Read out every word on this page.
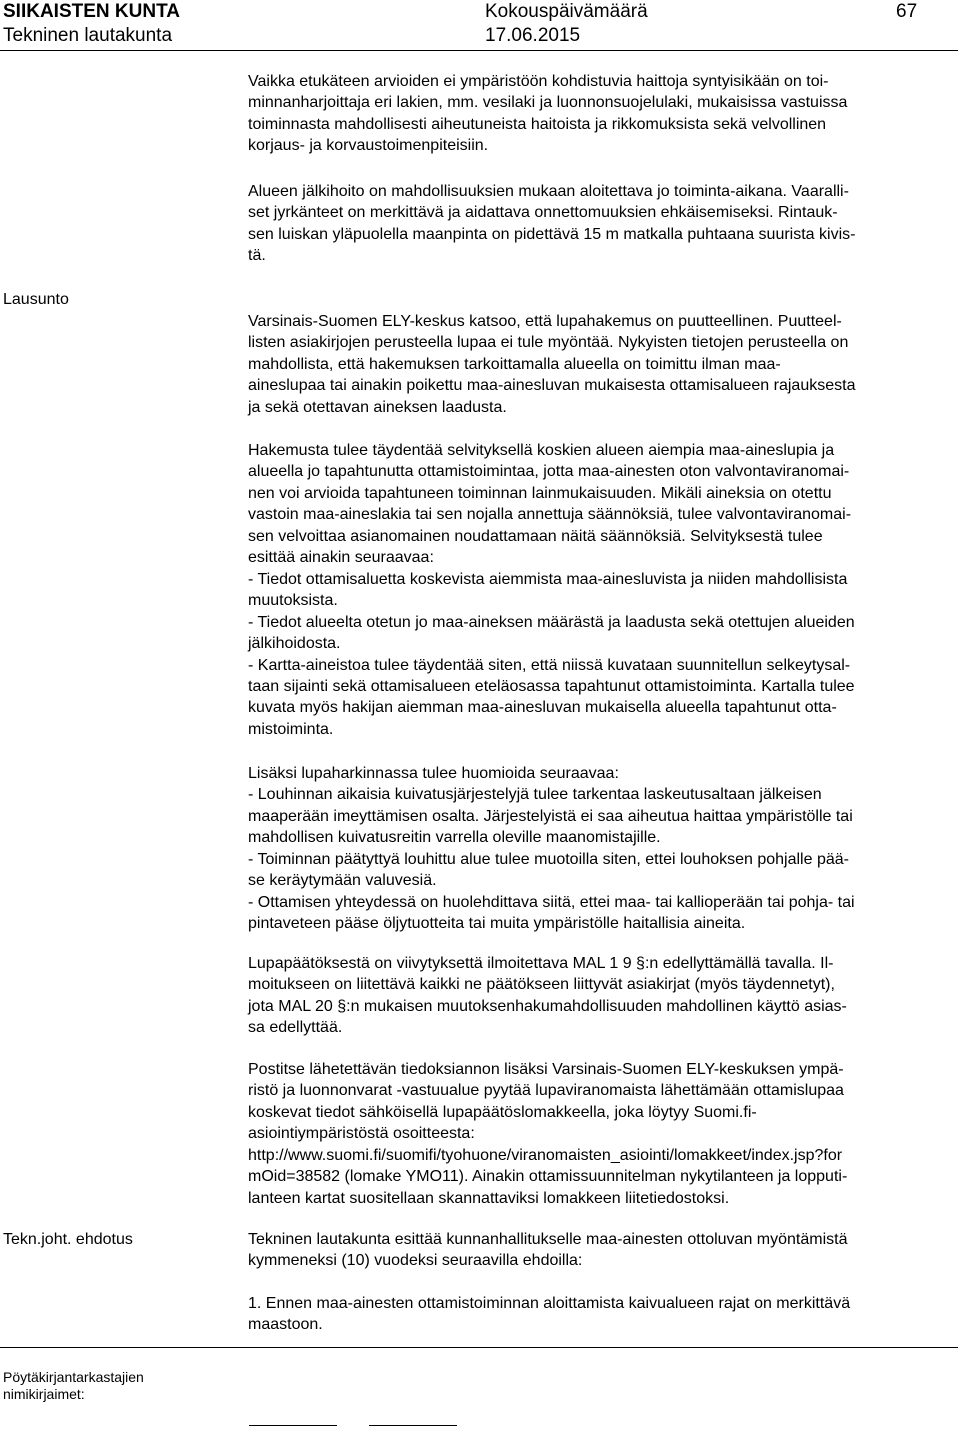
SIIKAISTEN KUNTA	Kokouspäivämäärä	67
Tekninen lautakunta	17.06.2015
Vaikka etukäteen arvioiden ei ympäristöön kohdistuvia haittoja syntyisikään on toi-
minnanharjoittaja eri lakien, mm. vesilaki ja luonnonsuojelulaki, mukaisissa vastuissa
toiminnasta mahdollisesti aiheutuneista haitoista ja rikkomuksista sekä velvollinen
korjaus- ja korvaustoimenpiteisiin.
Alueen jälkihoito on mahdollisuuksien mukaan aloitettava jo toiminta-aikana. Vaaralli-
set jyrkänteet on merkittävä ja aidattava onnettomuuksien ehkäisemiseksi. Rintauk-
sen luiskan yläpuolella maanpinta on pidettävä 15 m matkalla puhtaana suurista kivis-
tä.
Lausunto
Varsinais-Suomen ELY-keskus katsoo, että lupahakemus on puutteellinen. Puutteel-
listen asiakirjojen perusteella lupaa ei tule myöntää. Nykyisten tietojen perusteella on
mahdollista, että hakemuksen tarkoittamalla alueella on toimittu ilman maa-
aineslupaa tai ainakin poikettu maa-ainesluvan mukaisesta ottamisalueen rajauksesta
ja sekä otettavan aineksen laadusta.
Hakemusta tulee täydentää selvityksellä koskien alueen aiempia maa-aineslupia ja
alueella jo tapahtunutta ottamistoimintaa, jotta maa-ainesten oton valvontaviranomai-
nen voi arvioida tapahtuneen toiminnan lainmukaisuuden. Mikäli aineksia on otettu
vastoin maa-aineslakia tai sen nojalla annettuja säännöksiä, tulee valvontaviranomai-
sen velvoittaa asianomainen noudattamaan näitä säännöksiä. Selvityksestä tulee
esittää ainakin seuraavaa:
- Tiedot ottamisaluetta koskevista aiemmista maa-ainesluvista ja niiden mahdollisista
muutoksista.
- Tiedot alueelta otetun jo maa-aineksen määrästä ja laadusta sekä otettujen alueiden
jälkihoidosta.
- Kartta-aineistoa tulee täydentää siten, että niissä kuvataan suunnitellun selkeytysal-
taan sijainti sekä ottamisalueen eteläosassa tapahtunut ottamistoiminta. Kartalla tulee
kuvata myös hakijan aiemman maa-ainesluvan mukaisella alueella tapahtunut otta-
mistoiminta.
Lisäksi lupaharkinnassa tulee huomioida seuraavaa:
- Louhinnan aikaisia kuivatusjärjestelyjä tulee tarkentaa laskeutusaltaan jälkeisen
maaperään imeyttämisen osalta. Järjestelyistä ei saa aiheutua haittaa ympäristölle tai
mahdollisen kuivatusreitin varrella oleville maanomistajille.
- Toiminnan päätyttyä louhittu alue tulee muotoilla siten, ettei louhoksen pohjalle pää-
se keräytymään valuvesiä.
- Ottamisen yhteydessä on huolehdittava siitä, ettei maa- tai kallioperään tai pohja- tai
pintaveteen pääse öljytuotteita tai muita ympäristölle haitallisia aineita.
Lupapäätöksestä on viivytyksettä ilmoitettava MAL 1 9 §:n edellyttämällä tavalla. Il-
moitukseen on liitettävä kaikki ne päätökseen liittyvät asiakirjat (myös täydennetyt),
jota MAL 20 §:n mukaisen muutoksenhakumahdollisuuden mahdollinen käyttö asias-
sa edellyttää.
Postitse lähetettävän tiedoksiannon lisäksi Varsinais-Suomen ELY-keskuksen ympä-
ristö ja luonnonvarat -vastuualue pyytää lupaviranomaista lähettämään ottamislupaa
koskevat tiedot sähköisellä lupapäätöslomakkeella, joka löytyy Suomi.fi-
asiointiympäristöstä osoitteesta:
http://www.suomi.fi/suomifi/tyohuone/viranomaisten_asiointi/lomakkeet/index.jsp?for
mOid=38582 (lomake YMO11). Ainakin ottamissuunnitelman nykytilanteen ja lopputi-
lanteen kartat suositellaan skannattaviksi lomakkeen liitetiedostoksi.
Tekn.joht. ehdotus	Tekninen lautakunta esittää kunnanhallitukselle maa-ainesten ottoluvan myöntämistä
kymmeneksi (10) vuodeksi seuraavilla ehdoilla:
1. Ennen maa-ainesten ottamistoiminnan aloittamista kaivualueen rajat on merkittävä
maastoon.
Pöytäkirjantarkastajien
nimikirjaimet:
